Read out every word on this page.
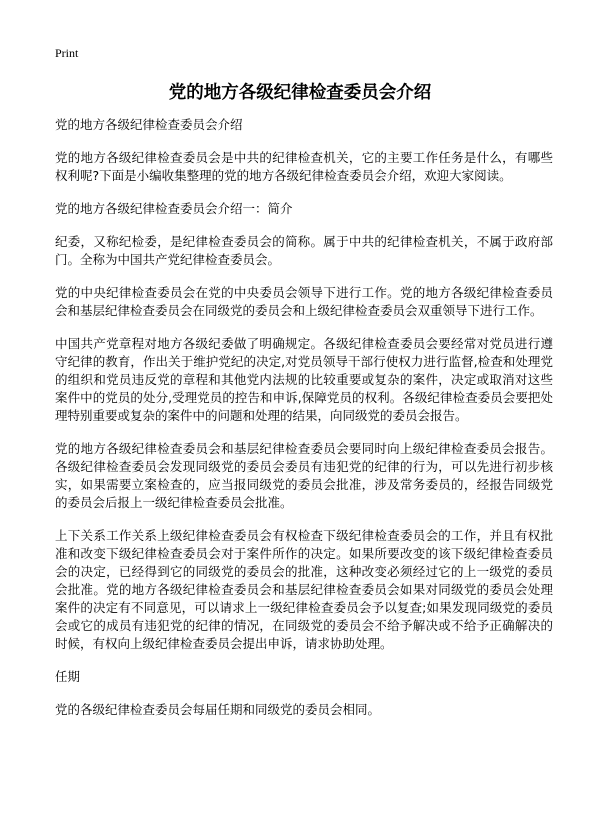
Print
党的地方各级纪律检查委员会介绍

党的地方各级纪律检查委员会介绍

党的地方各级纪律检查委员会是中共的纪律检查机关，它的主要工作任务是什么，有哪些权利呢?下面是小编收集整理的党的地方各级纪律检查委员会介绍，欢迎大家阅读。

党的地方各级纪律检查委员会介绍一：简介

纪委，又称纪检委，是纪律检查委员会的简称。属于中共的纪律检查机关，不属于政府部门。全称为中国共产党纪律检查委员会。

党的中央纪律检查委员会在党的中央委员会领导下进行工作。党的地方各级纪律检查委员会和基层纪律检查委员会在同级党的委员会和上级纪律检查委员会双重领导下进行工作。

中国共产党章程对地方各级纪委做了明确规定。各级纪律检查委员会要经常对党员进行遵守纪律的教育，作出关于维护党纪的决定,对党员领导干部行使权力进行监督,检查和处理党的组织和党员违反党的章程和其他党内法规的比较重要或复杂的案件，决定或取消对这些案件中的党员的处分,受理党员的控告和申诉,保障党员的权利。各级纪律检查委员会要把处理特别重要或复杂的案件中的问题和处理的结果，向同级党的委员会报告。

党的地方各级纪律检查委员会和基层纪律检查委员会要同时向上级纪律检查委员会报告。 各级纪律检查委员会发现同级党的委员会委员有违犯党的纪律的行为，可以先进行初步核实，如果需要立案检查的，应当报同级党的委员会批准，涉及常务委员的，经报告同级党的委员会后报上一级纪律检查委员会批准。

上下关系工作关系上级纪律检查委员会有权检查下级纪律检查委员会的工作，并且有权批准和改变下级纪律检查委员会对于案件所作的决定。如果所要改变的该下级纪律检查委员会的决定，已经得到它的同级党的委员会的批准，这种改变必须经过它的上一级党的委员会批准。党的地方各级纪律检查委员会和基层纪律检查委员会如果对同级党的委员会处理案件的决定有不同意见，可以请求上一级纪律检查委员会予以复查;如果发现同级党的委员会或它的成员有违犯党的纪律的情况，在同级党的委员会不给予解决或不给予正确解决的时候，有权向上级纪律检查委员会提出申诉，请求协助处理。

任期

党的各级纪律检查委员会每届任期和同级党的委员会相同。
